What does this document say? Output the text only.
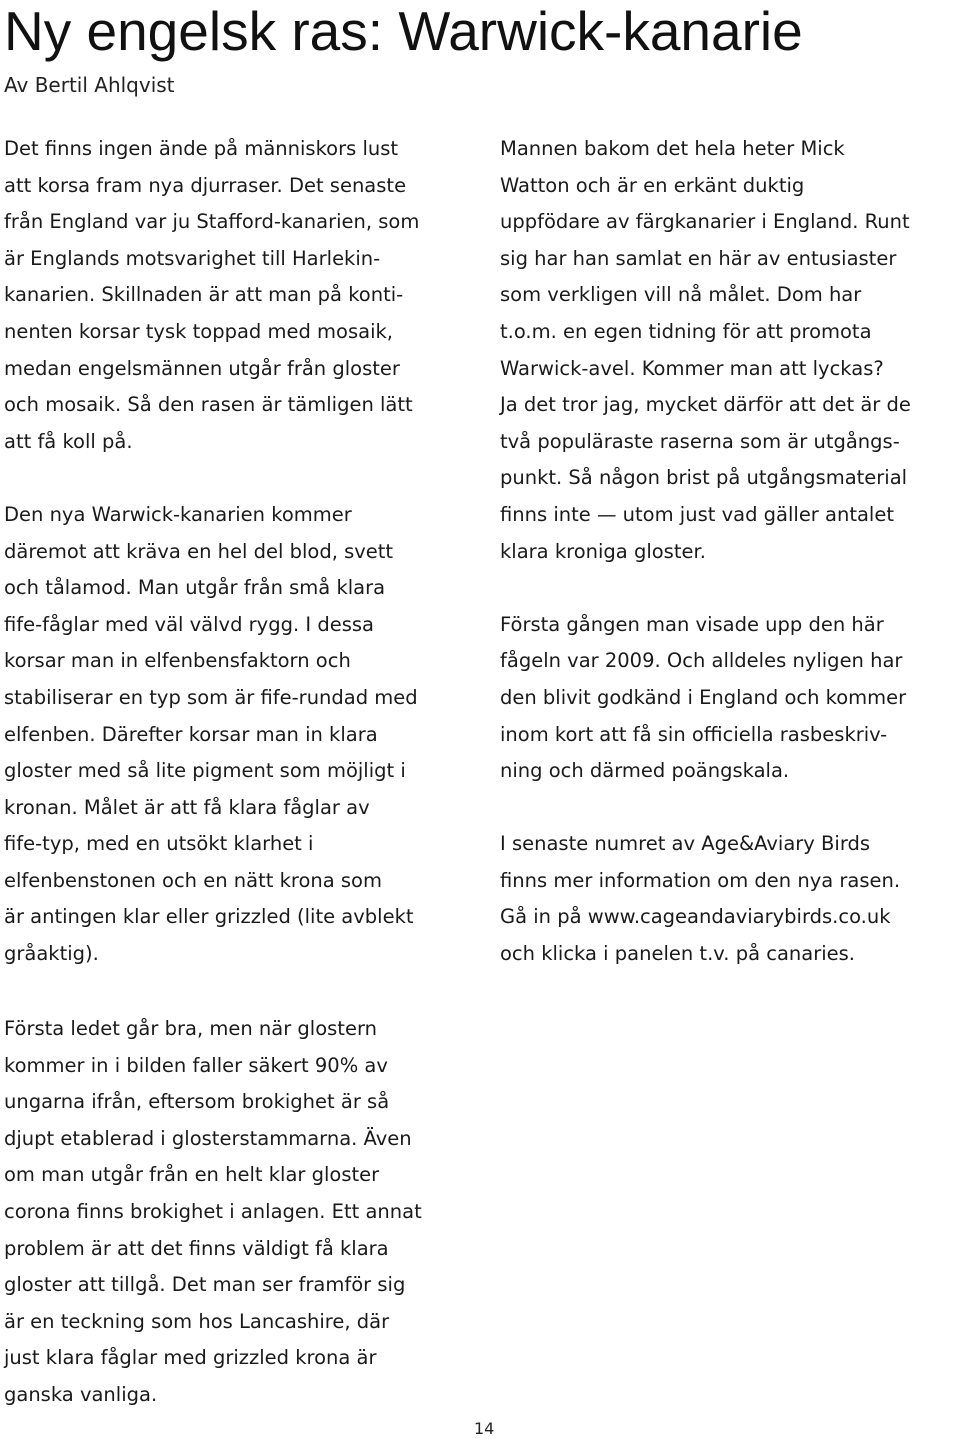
Ny engelsk ras: Warwick-kanarie
Av Bertil Ahlqvist

Det finns ingen ände på människors lust
att korsa fram nya djurraser. Det senaste
från England var ju Stafford-kanarien, som
är Englands motsvarighet till Harlekin-
kanarien. Skillnaden är att man på konti-
nenten korsar tysk toppad med mosaik,
medan engelsmännen utgår från gloster
och mosaik. Så den rasen är tämligen lätt
att få koll på.

Den nya Warwick-kanarien kommer
däremot att kräva en hel del blod, svett
och tålamod. Man utgår från små klara
fife-fåglar med väl välvd rygg. I dessa
korsar man in elfenbensfaktorn och
stabiliserar en typ som är fife-rundad med
elfenben. Därefter korsar man in klara
gloster med så lite pigment som möjligt i
kronan. Målet är att få klara fåglar av
fife-typ, med en utsökt klarhet i
elfenbenstonen och en nätt krona som
är antingen klar eller grizzled (lite avblekt
gråaktig).

Första ledet går bra, men när glostern
kommer in i bilden faller säkert 90% av
ungarna ifrån, eftersom brokighet är så
djupt etablerad i glosterstammarna. Även
om man utgår från en helt klar gloster
corona finns brokighet i anlagen. Ett annat
problem är att det finns väldigt få klara
gloster att tillgå. Det man ser framför sig
är en teckning som hos Lancashire, där
just klara fåglar med grizzled krona är
ganska vanliga.

Mannen bakom det hela heter Mick
Watton och är en erkänt duktig
uppfödare av färgkanarier i England. Runt
sig har han samlat en här av entusiaster
som verkligen vill nå målet. Dom har
t.o.m. en egen tidning för att promota
Warwick-avel. Kommer man att lyckas?
Ja det tror jag, mycket därför att det är de
två populäraste raserna som är utgångs-
punkt. Så någon brist på utgångsmaterial
finns inte — utom just vad gäller antalet
klara kroniga gloster.

Första gången man visade upp den här
fågeln var 2009. Och alldeles nyligen har
den blivit godkänd i England och kommer
inom kort att få sin officiella rasbeskriv-
ning och därmed poängskala.

I senaste numret av Age&Aviary Birds
finns mer information om den nya rasen.
Gå in på www.cageandaviarybirds.co.uk
och klicka i panelen t.v. på canaries.

14
